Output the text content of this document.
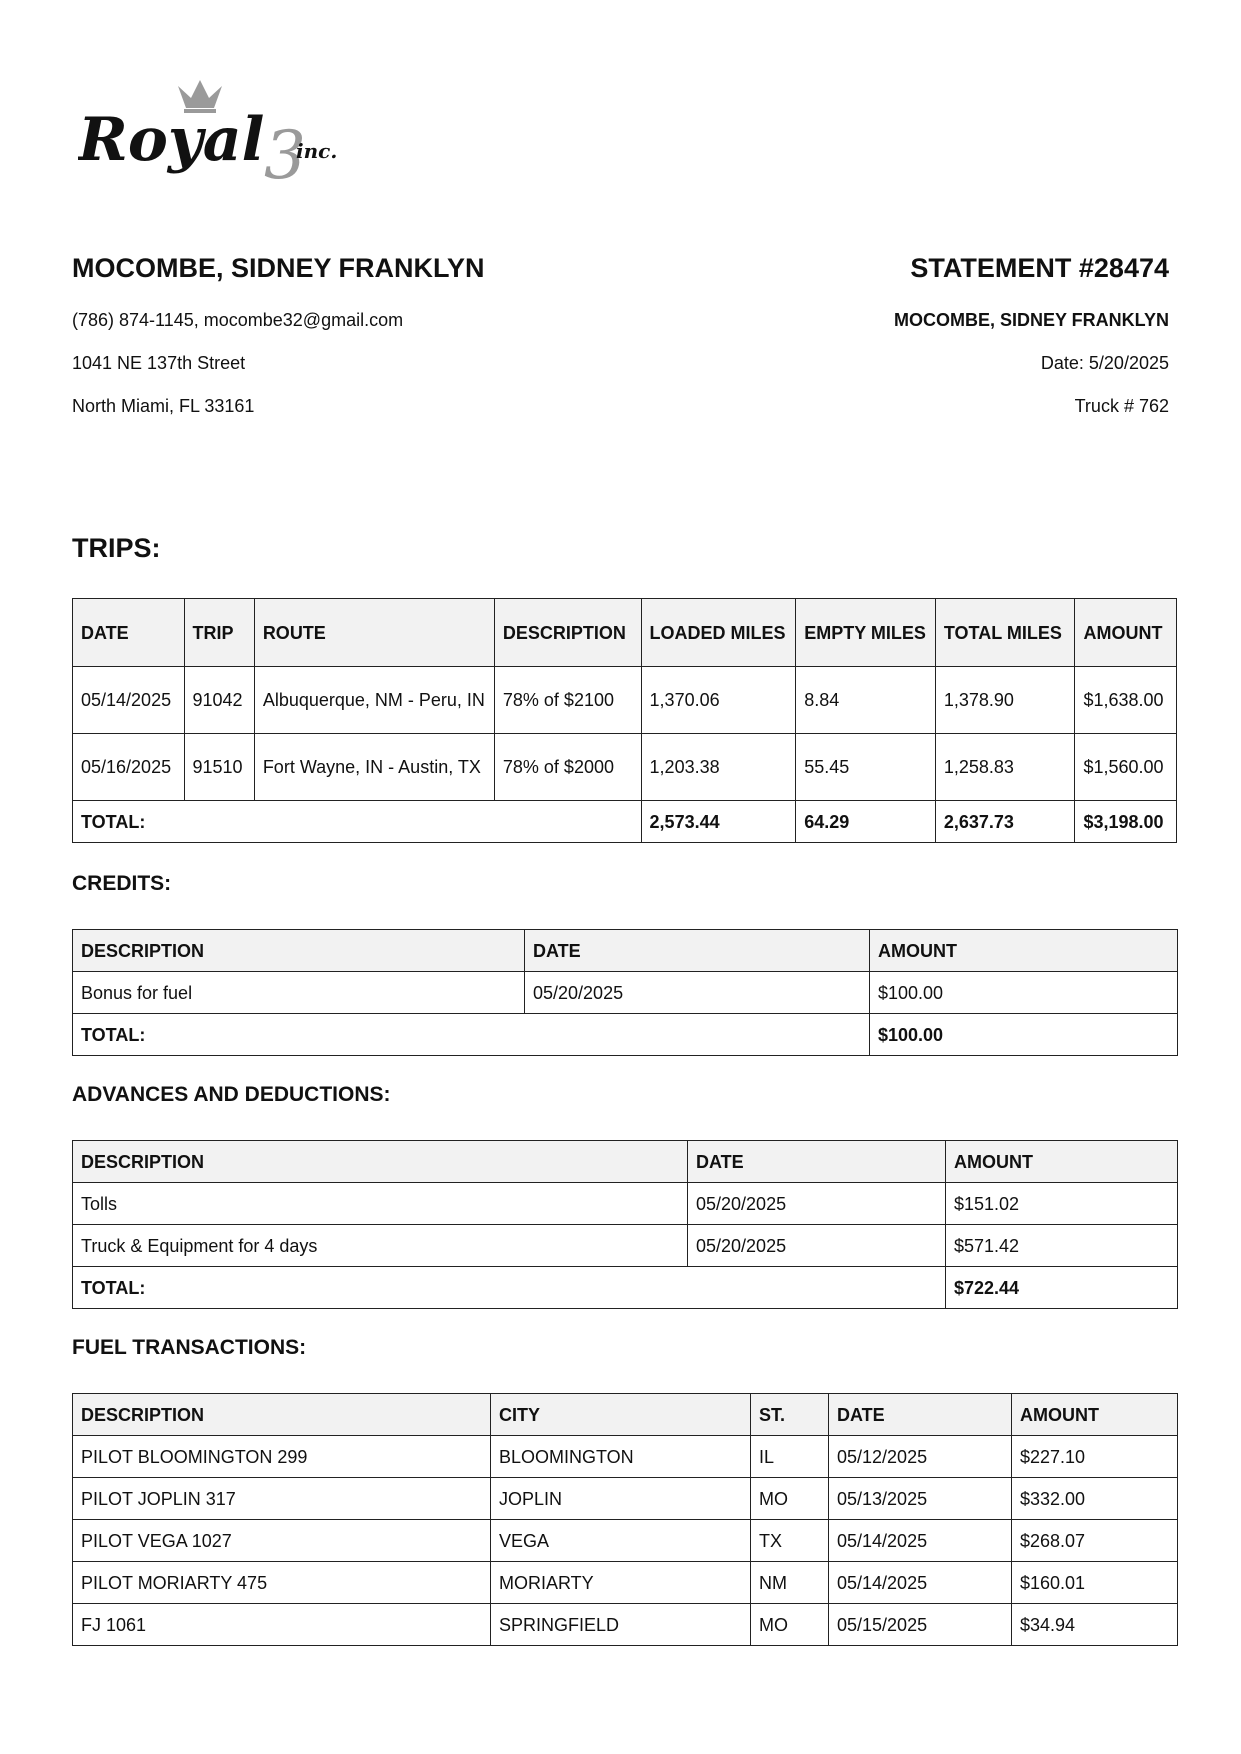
Royal 3
inc.
MOCOMBE, SIDNEY FRANKLYN
(786) 874-1145, mocombe32@gmail.com
1041 NE 137th Street
North Miami, FL 33161
STATEMENT #28474
MOCOMBE, SIDNEY FRANKLYN
Date: 5/20/2025
Truck # 762
TRIPS:
DATE	TRIP	ROUTE	DESCRIPTION	LOADED MILES	EMPTY MILES	TOTAL MILES	AMOUNT
05/14/2025	91042	Albuquerque, NM - Peru, IN	78% of $2100	1,370.06	8.84	1,378.90	$1,638.00
05/16/2025	91510	Fort Wayne, IN - Austin, TX	78% of $2000	1,203.38	55.45	1,258.83	$1,560.00
TOTAL:				2,573.44	64.29	2,637.73	$3,198.00
CREDITS:
DESCRIPTION	DATE	AMOUNT
Bonus for fuel	05/20/2025	$100.00
TOTAL:		$100.00
ADVANCES AND DEDUCTIONS:
DESCRIPTION	DATE	AMOUNT
Tolls	05/20/2025	$151.02
Truck & Equipment for 4 days	05/20/2025	$571.42
TOTAL:		$722.44
FUEL TRANSACTIONS:
DESCRIPTION	CITY	ST.	DATE	AMOUNT
PILOT BLOOMINGTON 299	BLOOMINGTON	IL	05/12/2025	$227.10
PILOT JOPLIN 317	JOPLIN	MO	05/13/2025	$332.00
PILOT VEGA 1027	VEGA	TX	05/14/2025	$268.07
PILOT MORIARTY 475	MORIARTY	NM	05/14/2025	$160.01
FJ 1061	SPRINGFIELD	MO	05/15/2025	$34.94
